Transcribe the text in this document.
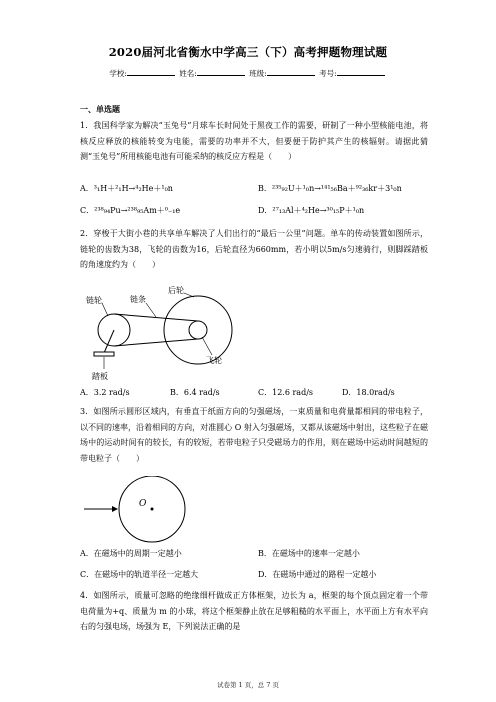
2020届河北省衡水中学高三（下）高考押题物理试题
学校:	姓名:	班级:	考号:
一、单选题
1．我国科学家为解决“玉兔号”月球车长时间处于黑夜工作的需要，研制了一种小型核能电池，将核反应释放的核能转变为电能，需要的功率并不大，但要便于防护其产生的核辐射。请据此猜测“玉兔号”所用核能电池有可能采纳的核反应方程是（　　）
A．³₁H＋²₁H→⁴₂He＋¹₀n	B．²³⁵₉₂U＋¹₀n→¹⁴¹₅₆Ba＋⁹²₃₆kr＋3¹₀n
C．²³⁸₉₄Pu→²³⁸₉₅Am＋⁰₋₁e	D．²⁷₁₃Al＋⁴₂He→³⁰₁₅P＋¹₀n
2．穿梭于大街小巷的共享单车解决了人们出行的“最后一公里”问题。单车的传动装置如图所示，链轮的齿数为38，飞轮的齿数为16，后轮直径为660mm，若小明以5m/s匀速骑行，则脚踩踏板的角速度约为（　　）
后轮
链条
链轮
飞轮
踏板
A．3.2 rad/s	B．6.4 rad/s	C．12.6 rad/s	D．18.0rad/s
3．如图所示圆形区域内，有垂直于纸面方向的匀强磁场，一束质量和电荷量都相同的带电粒子，以不同的速率，沿着相同的方向，对准圆心 O 射入匀强磁场，又都从该磁场中射出，这些粒子在磁场中的运动时间有的较长，有的较短，若带电粒子只受磁场力的作用，则在磁场中运动时间越短的带电粒子（　　）
O
A．在磁场中的周期一定越小	B．在磁场中的速率一定越小
C．在磁场中的轨道半径一定越大	D．在磁场中通过的路程一定越小
4．如图所示，质量可忽略的绝缘细杆做成正方体框架，边长为 a，框架的每个顶点固定着一个带电荷量为+q、质量为 m 的小球，将这个框架静止放在足够粗糙的水平面上，水平面上方有水平向右的匀强电场，场强为 E，下列说法正确的是
试卷第 1 页，总 7 页
